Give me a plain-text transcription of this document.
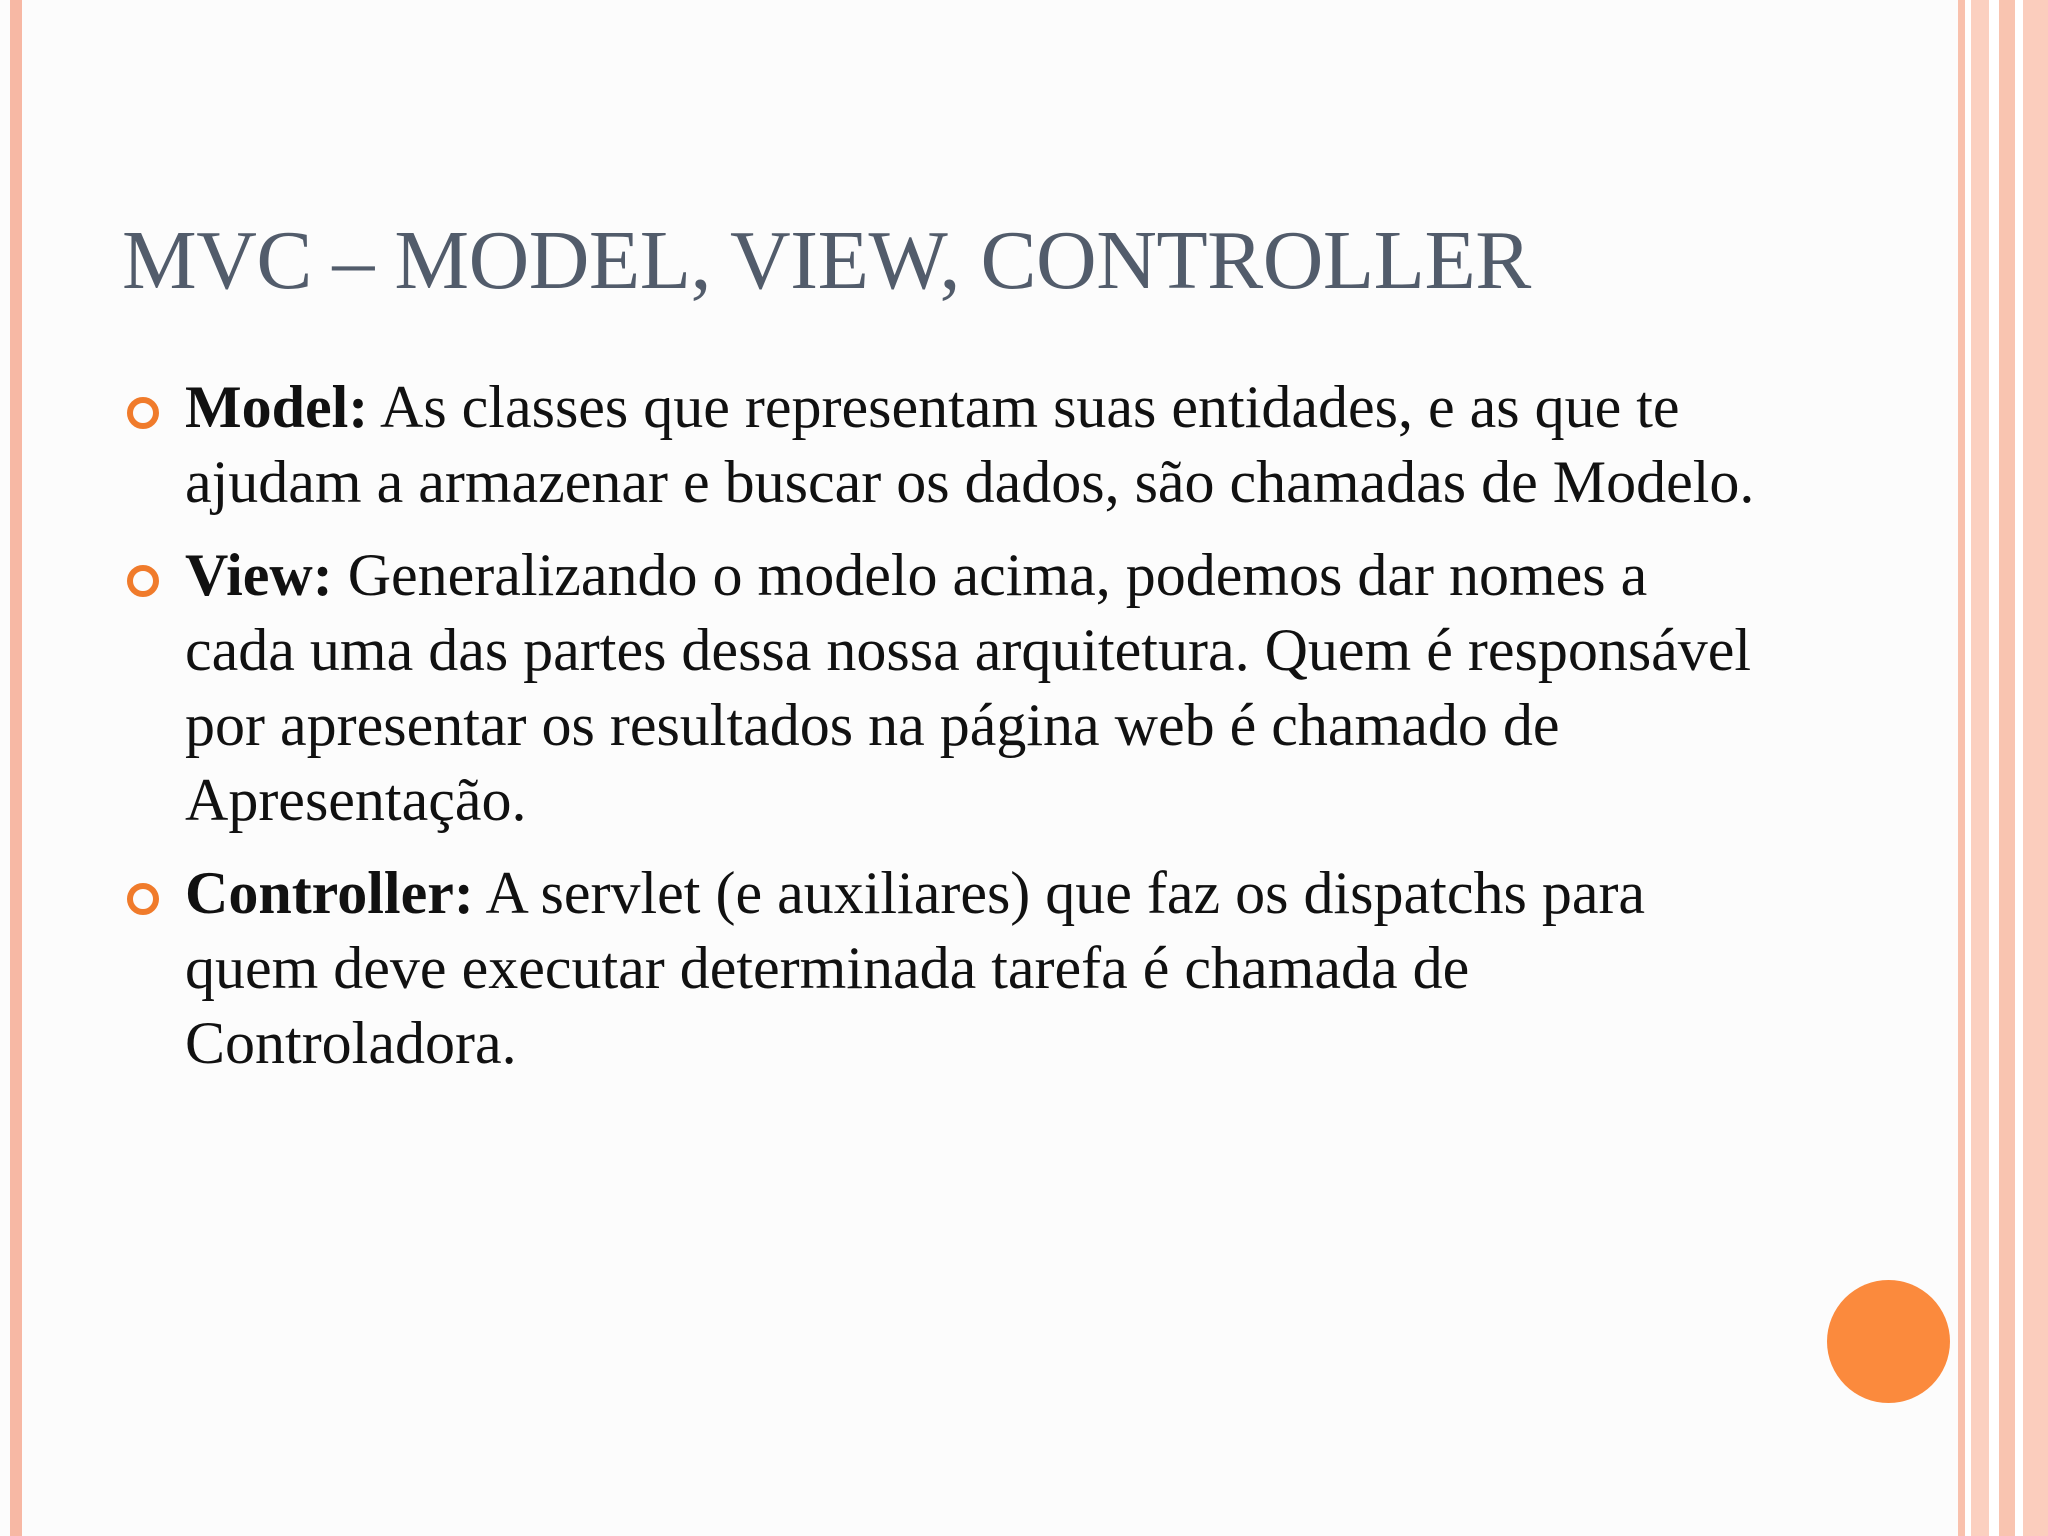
MVC – MODEL, VIEW, CONTROLLER
Model: As classes que representam suas entidades, e as que te ajudam a armazenar e buscar os dados, são chamadas de Modelo.
View: Generalizando o modelo acima, podemos dar nomes a cada uma das partes dessa nossa arquitetura. Quem é responsável por apresentar os resultados na página web é chamado de Apresentação.
Controller: A servlet (e auxiliares) que faz os dispatchs para quem deve executar determinada tarefa é chamada de Controladora.
